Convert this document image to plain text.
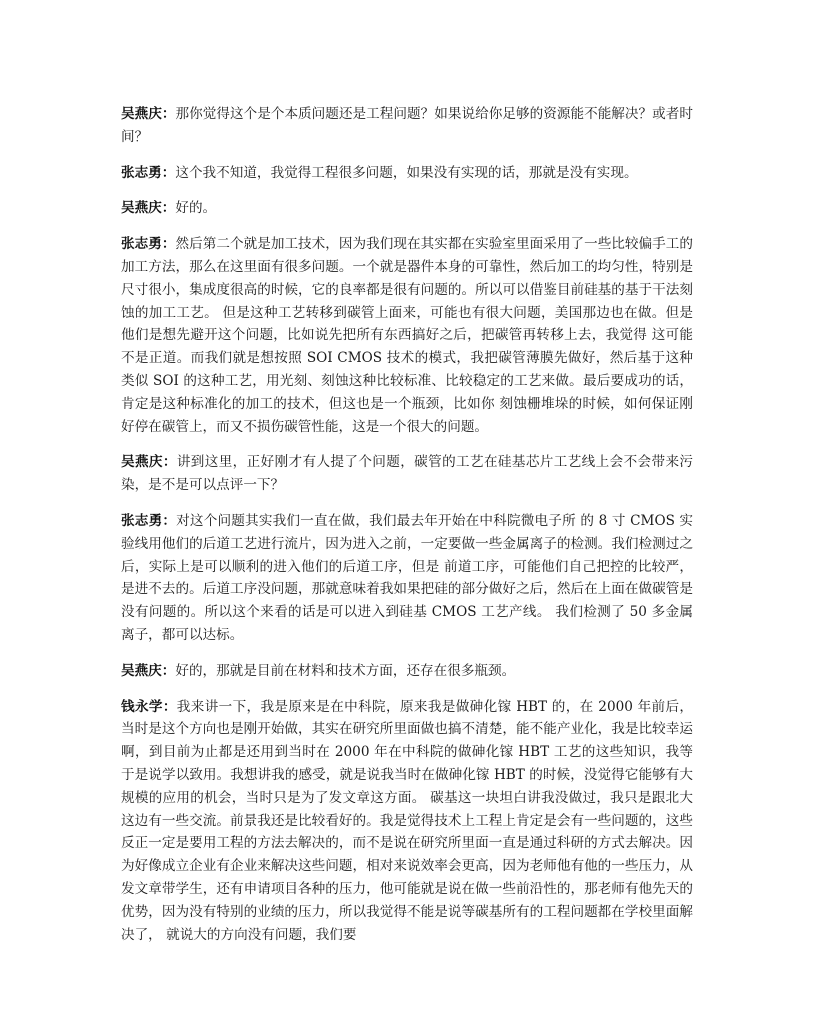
吴燕庆：那你觉得这个是个本质问题还是工程问题？如果说给你足够的资源能不能解决？或者时间？

张志勇：这个我不知道，我觉得工程很多问题，如果没有实现的话，那就是没有实现。

吴燕庆：好的。

张志勇：然后第二个就是加工技术，因为我们现在其实都在实验室里面采用了一些比较偏手工的加工方法，那么在这里面有很多问题。一个就是器件本身的可靠性，然后加工的均匀性，特别是尺寸很小，集成度很高的时候，它的良率都是很有问题的。所以可以借鉴目前硅基的基于干法刻蚀的加工工艺。 但是这种工艺转移到碳管上面来，可能也有很大问题，美国那边也在做。但是他们是想先避开这个问题，比如说先把所有东西搞好之后，把碳管再转移上去，我觉得 这可能不是正道。而我们就是想按照 SOI CMOS 技术的模式，我把碳管薄膜先做好，然后基于这种类似 SOI 的这种工艺，用光刻、刻蚀这种比较标准、比较稳定的工艺来做。最后要成功的话，肯定是这种标准化的加工的技术，但这也是一个瓶颈，比如你 刻蚀栅堆垛的时候，如何保证刚好停在碳管上，而又不损伤碳管性能，这是一个很大的问题。

吴燕庆：讲到这里，正好刚才有人提了个问题，碳管的工艺在硅基芯片工艺线上会不会带来污染，是不是可以点评一下？

张志勇：对这个问题其实我们一直在做，我们最去年开始在中科院微电子所 的 8 寸 CMOS 实验线用他们的后道工艺进行流片，因为进入之前，一定要做一些金属离子的检测。我们检测过之后，实际上是可以顺利的进入他们的后道工序，但是 前道工序，可能他们自己把控的比较严，是进不去的。后道工序没问题，那就意味着我如果把硅的部分做好之后，然后在上面在做碳管是没有问题的。所以这个来看的话是可以进入到硅基 CMOS 工艺产线。 我们检测了 50 多金属离子，都可以达标。

吴燕庆：好的，那就是目前在材料和技术方面，还存在很多瓶颈。

钱永学：我来讲一下，我是原来是在中科院，原来我是做砷化镓 HBT 的，在 2000 年前后，当时是这个方向也是刚开始做，其实在研究所里面做也搞不清楚，能不能产业化，我是比较幸运啊，到目前为止都是还用到当时在 2000 年在中科院的做砷化镓 HBT 工艺的这些知识，我等于是说学以致用。我想讲我的感受，就是说我当时在做砷化镓 HBT 的时候，没觉得它能够有大规模的应用的机会，当时只是为了发文章这方面。 碳基这一块坦白讲我没做过，我只是跟北大这边有一些交流。前景我还是比较看好的。我是觉得技术上工程上肯定是会有一些问题的，这些反正一定是要用工程的方法去解决的，而不是说在研究所里面一直是通过科研的方式去解决。因为好像成立企业有企业来解决这些问题，相对来说效率会更高，因为老师他有他的一些压力，从发文章带学生，还有申请项目各种的压力，他可能就是说在做一些前沿性的，那老师有他先天的优势，因为没有特别的业绩的压力，所以我觉得不能是说等碳基所有的工程问题都在学校里面解决了， 就说大的方向没有问题，我们要
